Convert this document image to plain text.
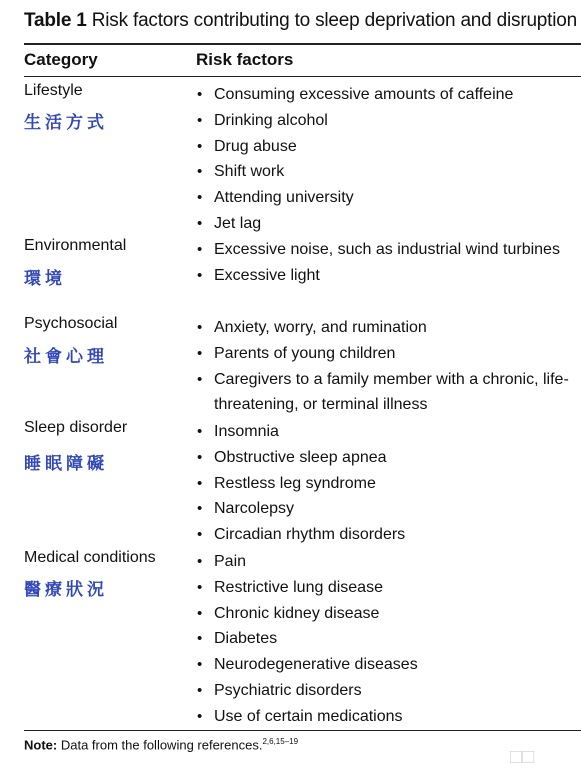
Table 1 Risk factors contributing to sleep deprivation and disruption
Category	Risk factors
Lifestyle
生活方式
• Consuming excessive amounts of caffeine
• Drinking alcohol
• Drug abuse
• Shift work
• Attending university
• Jet lag
Environmental
環境
• Excessive noise, such as industrial wind turbines
• Excessive light
Psychosocial
社會心理
• Anxiety, worry, and rumination
• Parents of young children
• Caregivers to a family member with a chronic, life-threatening, or terminal illness
Sleep disorder
睡眠障礙
• Insomnia
• Obstructive sleep apnea
• Restless leg syndrome
• Narcolepsy
• Circadian rhythm disorders
Medical conditions
醫療狀況
• Pain
• Restrictive lung disease
• Chronic kidney disease
• Diabetes
• Neurodegenerative diseases
• Psychiatric disorders
• Use of certain medications
Note: Data from the following references.$^{2,6,15-19}$
□□
